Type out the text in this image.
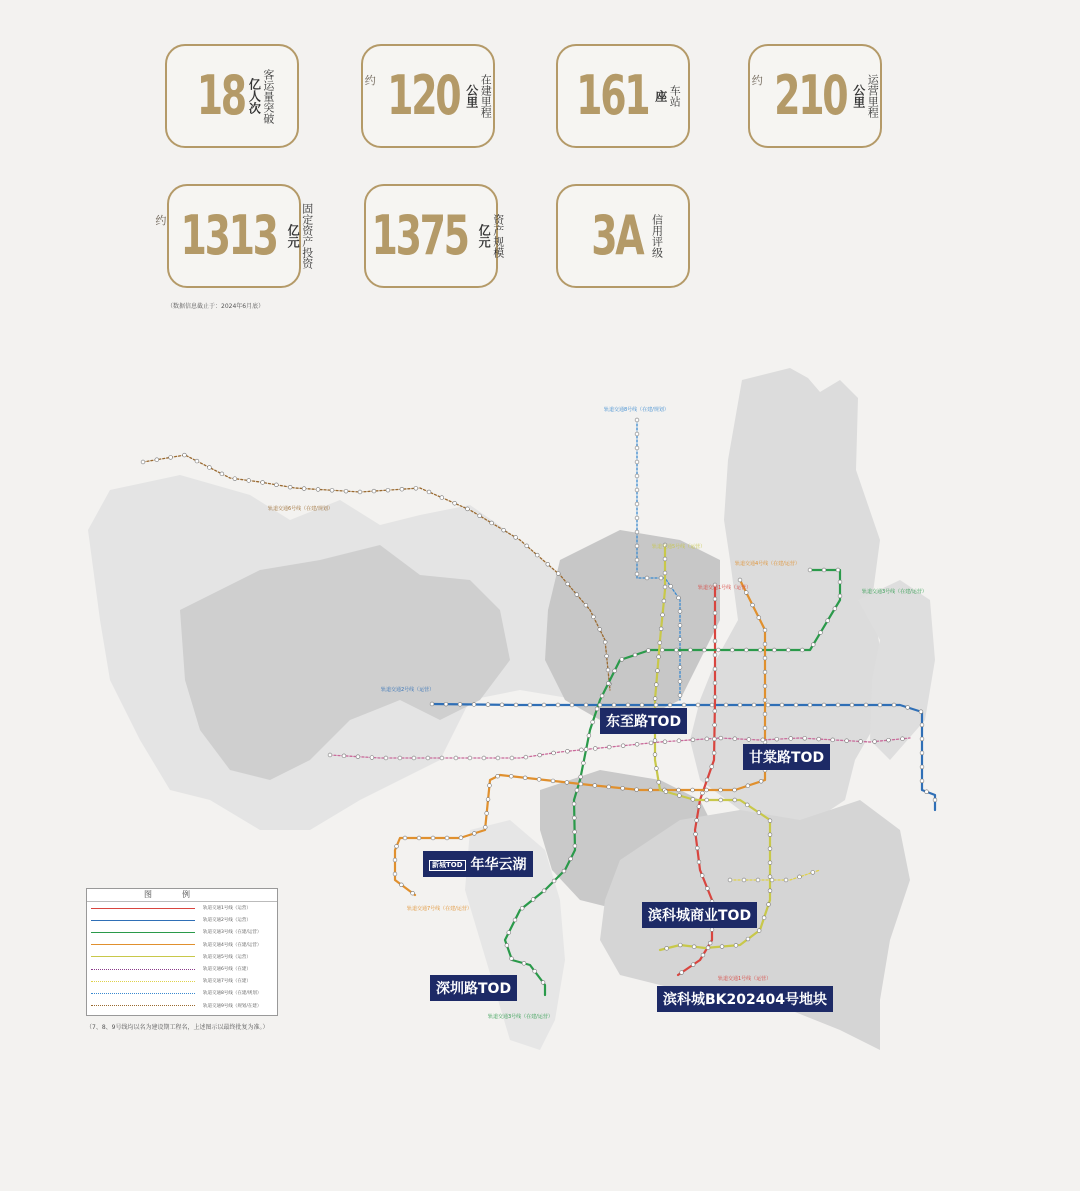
18 亿人次 客运量突破	约 120 公里 在建里程 161 座 车站
约 210 公里 运营里程
约 1313 亿元 固定资产投资 1375 亿元 资产规模 3A 信用评级
（数据信息截止于：2024年6月底）
轨道交通8号线（在建/规划）
轨道交通6号线（在建/规划）
轨道交通1号线（运营）
轨道交通4号线（在建/运营）
轨道交通3号线（在建/运营）
轨道交通5号线（运营）
轨道交通2号线（运营）
轨道交通7号线（在建/运营）
轨道交通3号线（在建/运营）
轨道交通1号线（运营）
东至路TOD
甘棠路TOD
新城TOD 年华云湖
滨科城商业TOD
深圳路TOD
滨科城BK202404号地块
图例
轨道交通1号线（运营）
轨道交通2号线（运营）
轨道交通3号线（在建/运营）
轨道交通4号线（在建/运营）
轨道交通5号线（运营）
轨道交通6号线（在建）
轨道交通7号线（在建）
轨道交通8号线（在建/规划）
轨道交通9号线（规划/在建）
（7、8、9号线均以名为建设期工程名，上述图示以最终批复为准。）
